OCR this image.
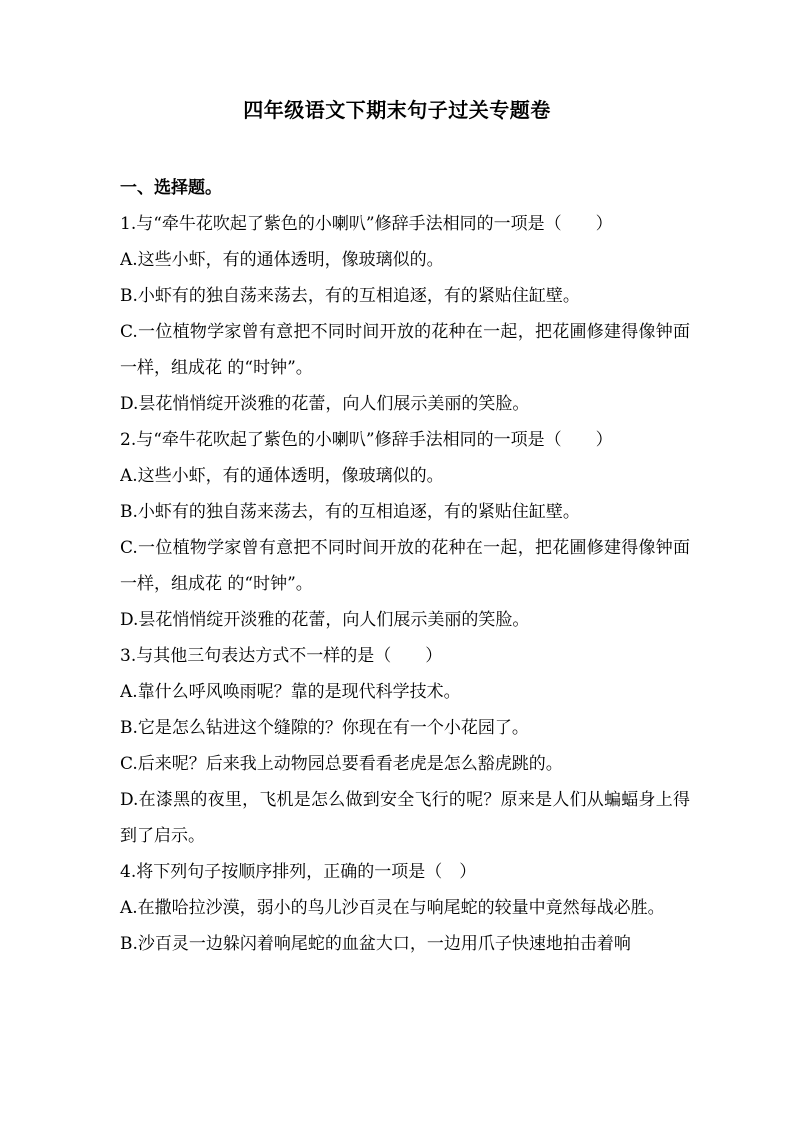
四年级语文下期末句子过关专题卷
一、选择题。
1.与“牵牛花吹起了紫色的小喇叭”修辞手法相同的一项是（　　）
A.这些小虾，有的通体透明，像玻璃似的。
B.小虾有的独自荡来荡去，有的互相追逐，有的紧贴住缸壁。
C.一位植物学家曾有意把不同时间开放的花种在一起，把花圃修建得像钟面一样，组成花 的“时钟”。
D.昙花悄悄绽开淡雅的花蕾，向人们展示美丽的笑脸。
2.与“牵牛花吹起了紫色的小喇叭”修辞手法相同的一项是（　　）
A.这些小虾，有的通体透明，像玻璃似的。
B.小虾有的独自荡来荡去，有的互相追逐，有的紧贴住缸壁。
C.一位植物学家曾有意把不同时间开放的花种在一起，把花圃修建得像钟面一样，组成花 的“时钟”。
D.昙花悄悄绽开淡雅的花蕾，向人们展示美丽的笑脸。
3.与其他三句表达方式不一样的是（　　）
A.靠什么呼风唤雨呢？靠的是现代科学技术。
B.它是怎么钻进这个缝隙的？你现在有一个小花园了。
C.后来呢？后来我上动物园总要看看老虎是怎么豁虎跳的。
D.在漆黑的夜里，飞机是怎么做到安全飞行的呢？原来是人们从蝙蝠身上得到了启示。
4.将下列句子按顺序排列，正确的一项是（　）
A.在撒哈拉沙漠，弱小的鸟儿沙百灵在与响尾蛇的较量中竟然每战必胜。
B.沙百灵一边躲闪着响尾蛇的血盆大口，一边用爪子快速地拍击着响
